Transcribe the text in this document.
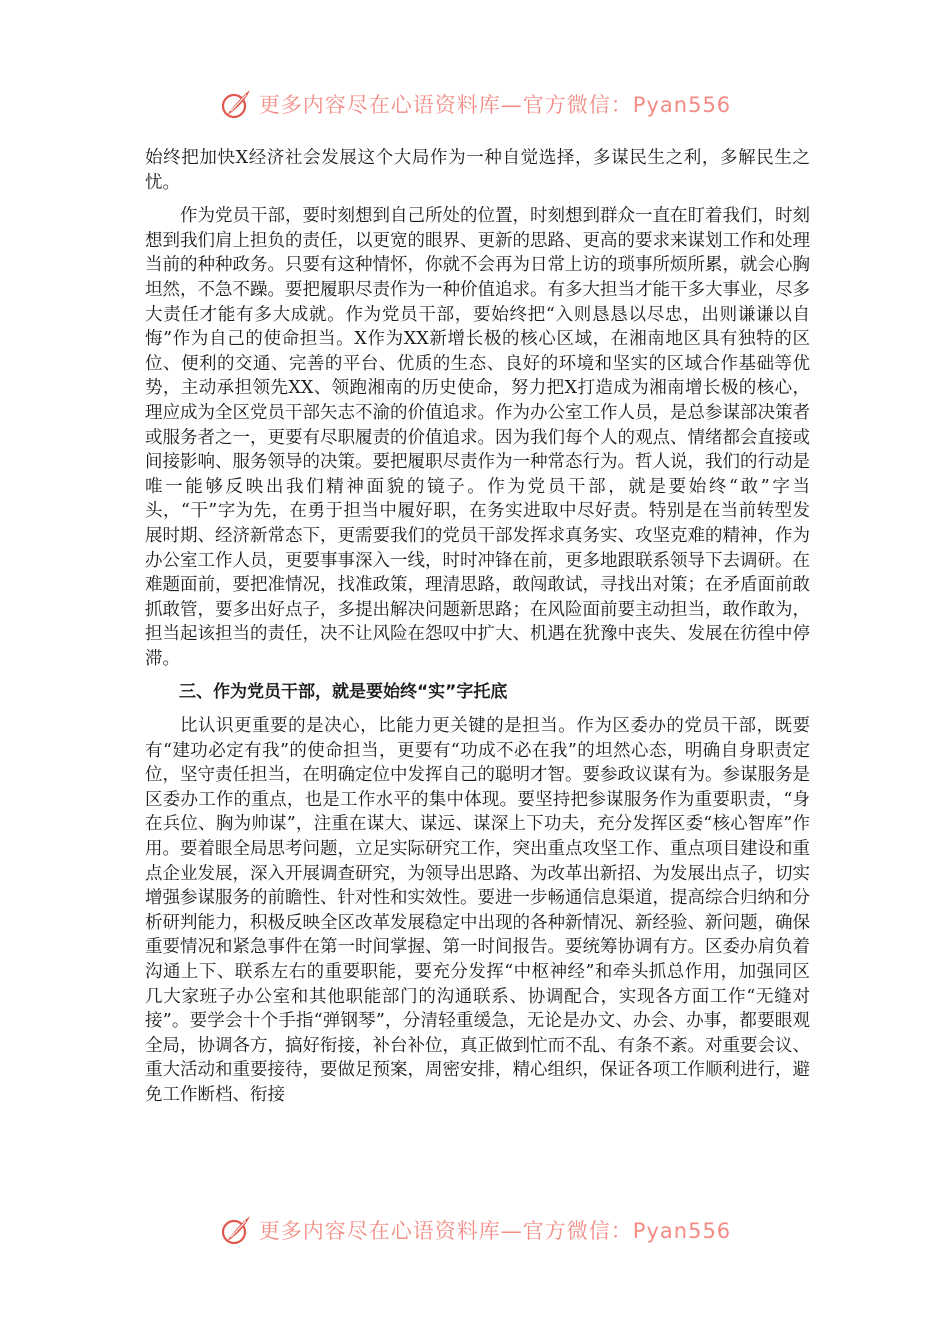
更多内容尽在心语资料库—官方微信：Pyan556

始终把加快X经济社会发展这个大局作为一种自觉选择，多谋民生之利，多解民生之忧。

作为党员干部，要时刻想到自己所处的位置，时刻想到群众一直在盯着我们，时刻想到我们肩上担负的责任，以更宽的眼界、更新的思路、更高的要求来谋划工作和处理当前的种种政务。只要有这种情怀，你就不会再为日常上访的琐事所烦所累，就会心胸坦然，不急不躁。要把履职尽责作为一种价值追求。有多大担当才能干多大事业，尽多大责任才能有多大成就。作为党员干部，要始终把“入则恳恳以尽忠，出则谦谦以自悔”作为自己的使命担当。X作为XX新增长极的核心区域，在湘南地区具有独特的区位、便利的交通、完善的平台、优质的生态、良好的环境和坚实的区域合作基础等优势，主动承担领先XX、领跑湘南的历史使命，努力把X打造成为湘南增长极的核心，理应成为全区党员干部矢志不渝的价值追求。作为办公室工作人员，是总参谋部决策者或服务者之一，更要有尽职履责的价值追求。因为我们每个人的观点、情绪都会直接或间接影响、服务领导的决策。要把履职尽责作为一种常态行为。哲人说，我们的行动是唯一能够反映出我们精神面貌的镜子。作为党员干部，就是要始终“敢”字当头，“干”字为先，在勇于担当中履好职，在务实进取中尽好责。特别是在当前转型发展时期、经济新常态下，更需要我们的党员干部发挥求真务实、攻坚克难的精神，作为办公室工作人员，更要事事深入一线，时时冲锋在前，更多地跟联系领导下去调研。在难题面前，要把准情况，找准政策，理清思路，敢闯敢试，寻找出对策；在矛盾面前敢抓敢管，要多出好点子，多提出解决问题新思路；在风险面前要主动担当，敢作敢为，担当起该担当的责任，决不让风险在怨叹中扩大、机遇在犹豫中丧失、发展在彷徨中停滞。

三、作为党员干部，就是要始终“实”字托底

比认识更重要的是决心，比能力更关键的是担当。作为区委办的党员干部，既要有“建功必定有我”的使命担当，更要有“功成不必在我”的坦然心态，明确自身职责定位，坚守责任担当，在明确定位中发挥自己的聪明才智。要参政议谋有为。参谋服务是区委办工作的重点，也是工作水平的集中体现。要坚持把参谋服务作为重要职责，“身在兵位、胸为帅谋”，注重在谋大、谋远、谋深上下功夫，充分发挥区委“核心智库”作用。要着眼全局思考问题，立足实际研究工作，突出重点攻坚工作、重点项目建设和重点企业发展，深入开展调查研究，为领导出思路、为改革出新招、为发展出点子，切实增强参谋服务的前瞻性、针对性和实效性。要进一步畅通信息渠道，提高综合归纳和分析研判能力，积极反映全区改革发展稳定中出现的各种新情况、新经验、新问题，确保重要情况和紧急事件在第一时间掌握、第一时间报告。要统筹协调有方。区委办肩负着沟通上下、联系左右的重要职能，要充分发挥“中枢神经”和牵头抓总作用，加强同区几大家班子办公室和其他职能部门的沟通联系、协调配合，实现各方面工作“无缝对接”。要学会十个手指“弹钢琴”，分清轻重缓急，无论是办文、办会、办事，都要眼观全局，协调各方，搞好衔接，补台补位，真正做到忙而不乱、有条不紊。对重要会议、重大活动和重要接待，要做足预案，周密安排，精心组织，保证各项工作顺利进行，避免工作断档、衔接

更多内容尽在心语资料库—官方微信：Pyan556
